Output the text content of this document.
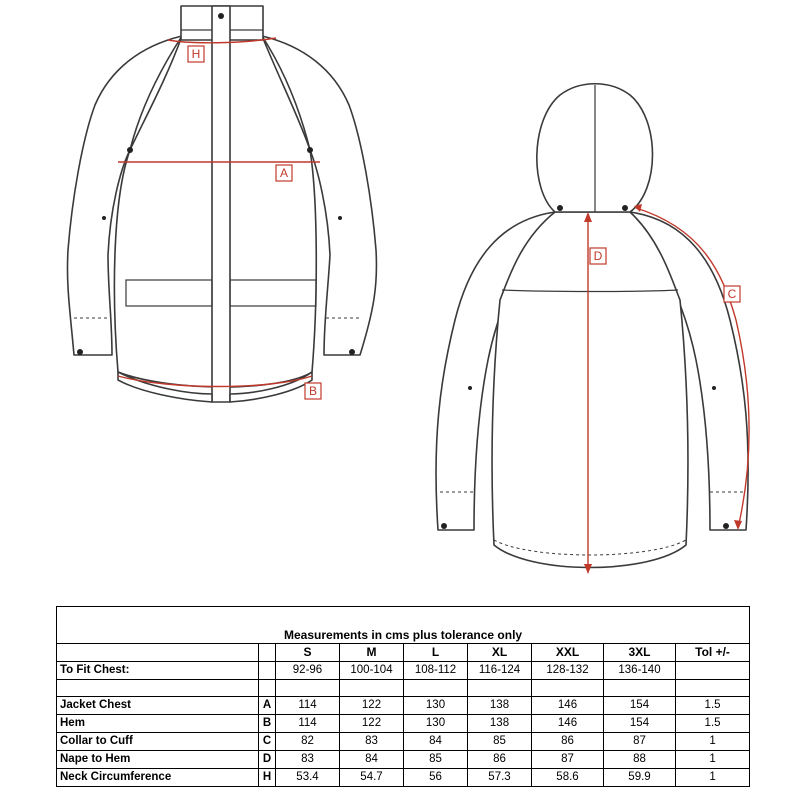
H
A
B
D
C
Measurements in cms plus tolerance only								
		S	M	L	XL	XXL	3XL	Tol +/-
To Fit Chest:		92-96	100-104	108-112	116-124	128-132	136-140	

Jacket Chest	A	114	122	130	138	146	154	1.5
Hem	B	114	122	130	138	146	154	1.5
Collar to Cuff	C	82	83	84	85	86	87	1
Nape to Hem	D	83	84	85	86	87	88	1
Neck Circumference	H	53.4	54.7	56	57.3	58.6	59.9	1
